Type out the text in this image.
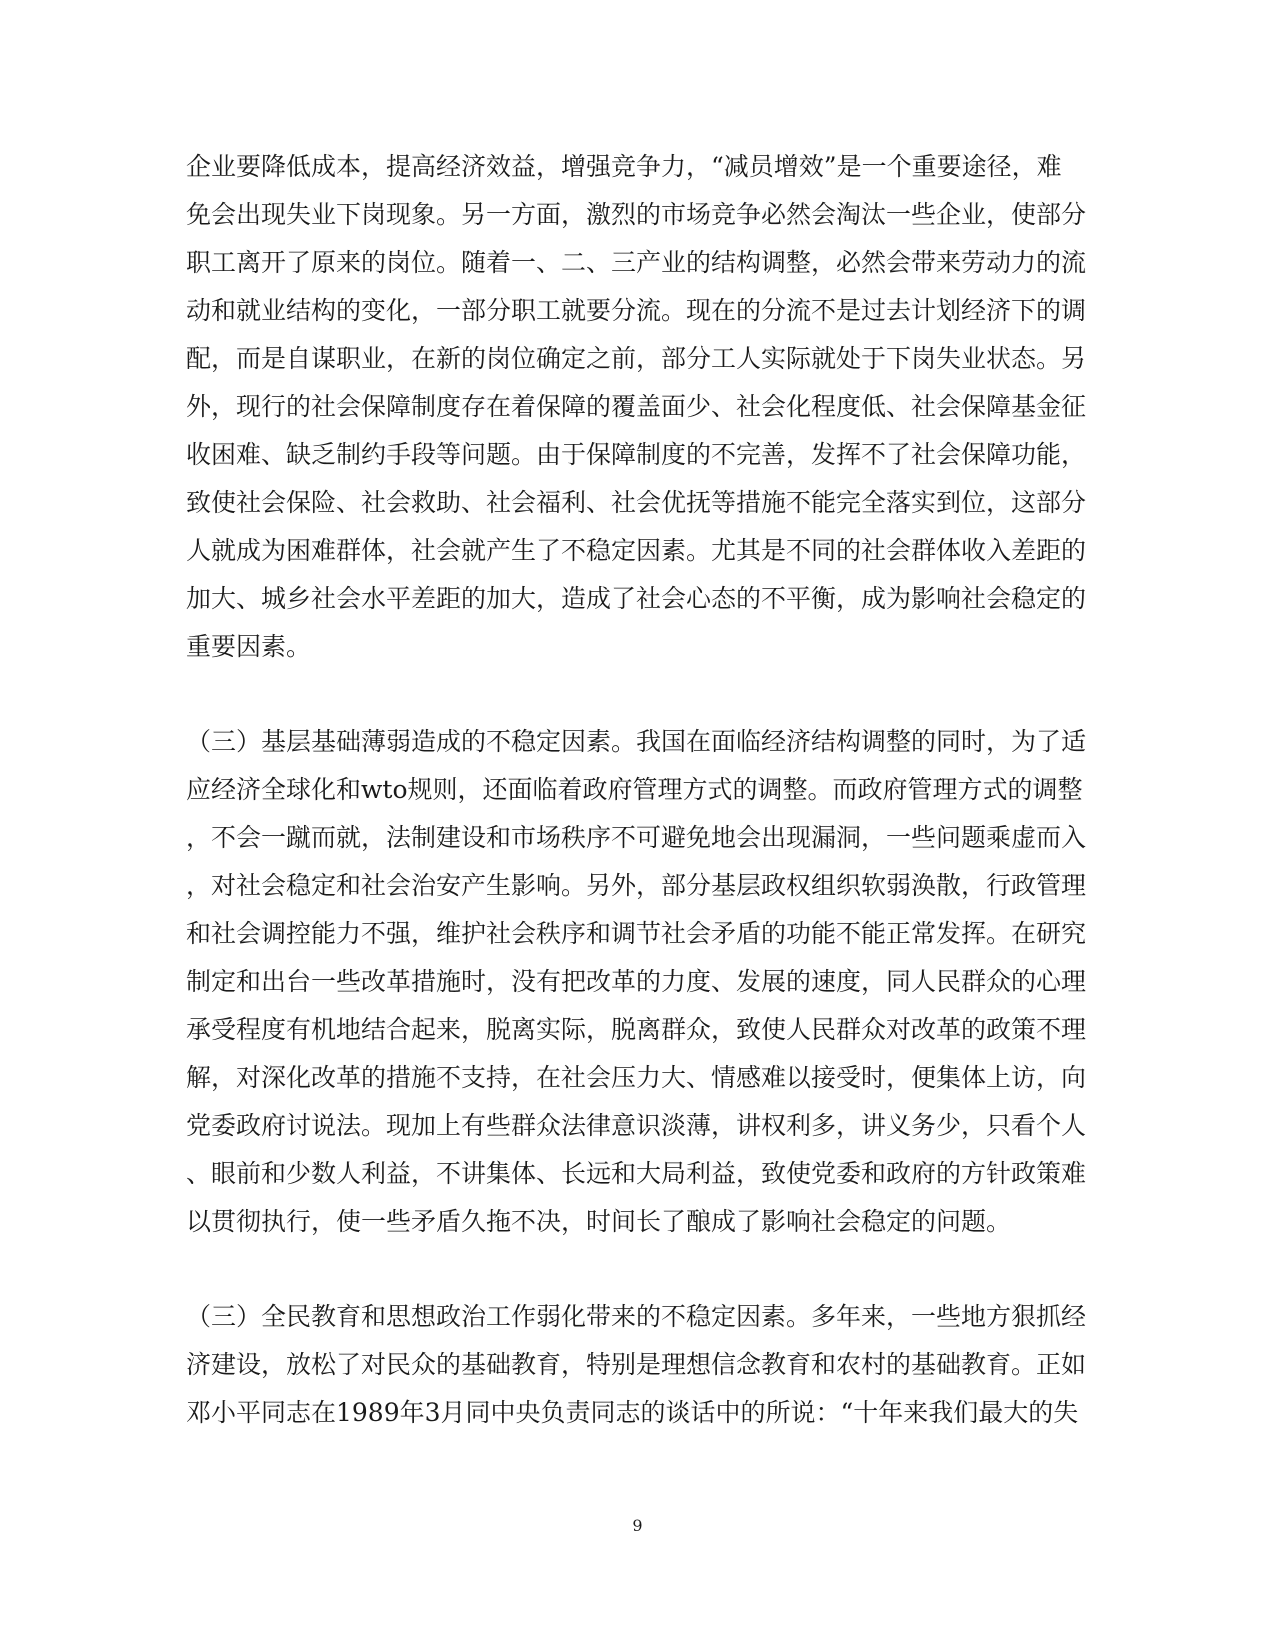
企业要降低成本，提高经济效益，增强竞争力，“减员增效”是一个重要途径，难
免会出现失业下岗现象。另一方面，激烈的市场竞争必然会淘汰一些企业，使部分
职工离开了原来的岗位。随着一、二、三产业的结构调整，必然会带来劳动力的流
动和就业结构的变化，一部分职工就要分流。现在的分流不是过去计划经济下的调
配，而是自谋职业，在新的岗位确定之前，部分工人实际就处于下岗失业状态。另
外，现行的社会保障制度存在着保障的覆盖面少、社会化程度低、社会保障基金征
收困难、缺乏制约手段等问题。由于保障制度的不完善，发挥不了社会保障功能，
致使社会保险、社会救助、社会福利、社会优抚等措施不能完全落实到位，这部分
人就成为困难群体，社会就产生了不稳定因素。尤其是不同的社会群体收入差距的
加大、城乡社会水平差距的加大，造成了社会心态的不平衡，成为影响社会稳定的
重要因素。
（三）基层基础薄弱造成的不稳定因素。我国在面临经济结构调整的同时，为了适
应经济全球化和wto规则，还面临着政府管理方式的调整。而政府管理方式的调整
，不会一蹴而就，法制建设和市场秩序不可避免地会出现漏洞，一些问题乘虚而入
，对社会稳定和社会治安产生影响。另外，部分基层政权组织软弱涣散，行政管理
和社会调控能力不强，维护社会秩序和调节社会矛盾的功能不能正常发挥。在研究
制定和出台一些改革措施时，没有把改革的力度、发展的速度，同人民群众的心理
承受程度有机地结合起来，脱离实际，脱离群众，致使人民群众对改革的政策不理
解，对深化改革的措施不支持，在社会压力大、情感难以接受时，便集体上访，向
党委政府讨说法。现加上有些群众法律意识淡薄，讲权利多，讲义务少，只看个人
、眼前和少数人利益，不讲集体、长远和大局利益，致使党委和政府的方针政策难
以贯彻执行，使一些矛盾久拖不决，时间长了酿成了影响社会稳定的问题。
（三）全民教育和思想政治工作弱化带来的不稳定因素。多年来，一些地方狠抓经
济建设，放松了对民众的基础教育，特别是理想信念教育和农村的基础教育。正如
邓小平同志在1989年3月同中央负责同志的谈话中的所说：“十年来我们最大的失
9
